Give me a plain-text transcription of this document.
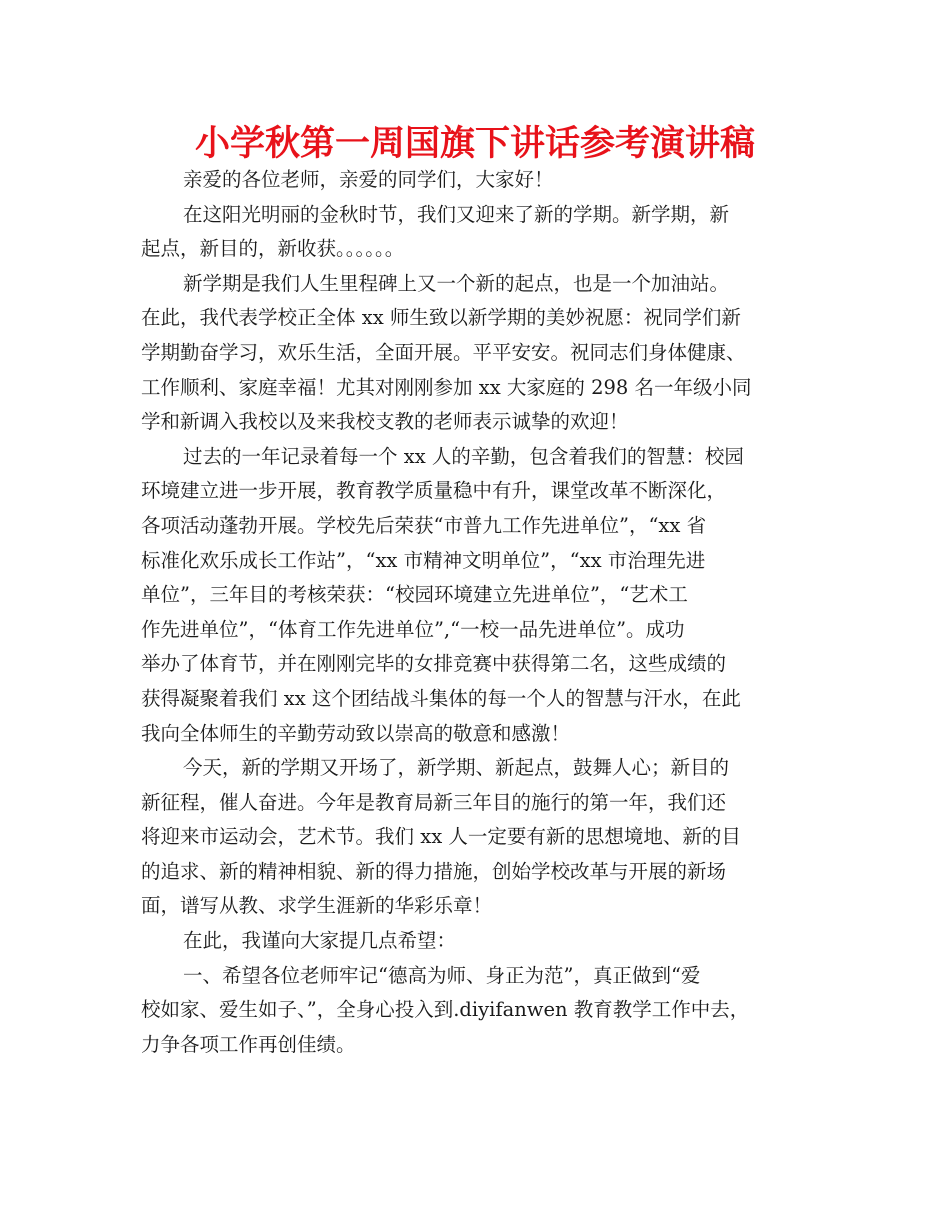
小学秋第一周国旗下讲话参考演讲稿
亲爱的各位老师，亲爱的同学们，大家好！
在这阳光明丽的金秋时节，我们又迎来了新的学期。新学期，新
起点，新目的，新收获。。。。。。
新学期是我们人生里程碑上又一个新的起点，也是一个加油站。
在此，我代表学校正全体 xx 师生致以新学期的美妙祝愿：祝同学们新
学期勤奋学习，欢乐生活，全面开展。平平安安。祝同志们身体健康、
工作顺利、家庭幸福！尤其对刚刚参加 xx 大家庭的 298 名一年级小同
学和新调入我校以及来我校支教的老师表示诚挚的欢迎！
过去的一年记录着每一个 xx 人的辛勤，包含着我们的智慧：校园
环境建立进一步开展，教育教学质量稳中有升，课堂改革不断深化，
各项活动蓬勃开展。学校先后荣获“市普九工作先进单位”，“xx 省
标准化欢乐成长工作站”，“xx 市精神文明单位”，“xx 市治理先进
单位”，三年目的考核荣获：“校园环境建立先进单位”，“艺术工
作先进单位”，“体育工作先进单位”,“一校一品先进单位”。成功
举办了体育节，并在刚刚完毕的女排竞赛中获得第二名，这些成绩的
获得凝聚着我们 xx 这个团结战斗集体的每一个人的智慧与汗水，在此
我向全体师生的辛勤劳动致以崇高的敬意和感激！
今天，新的学期又开场了，新学期、新起点，鼓舞人心；新目的
新征程，催人奋进。今年是教育局新三年目的施行的第一年，我们还
将迎来市运动会，艺术节。我们 xx 人一定要有新的思想境地、新的目
的追求、新的精神相貌、新的得力措施，创始学校改革与开展的新场
面，谱写从教、求学生涯新的华彩乐章！
在此，我谨向大家提几点希望：
一、希望各位老师牢记“德高为师、身正为范”，真正做到“爱
校如家、爱生如子、”，全身心投入到.diyifanwen 教育教学工作中去，
力争各项工作再创佳绩。
